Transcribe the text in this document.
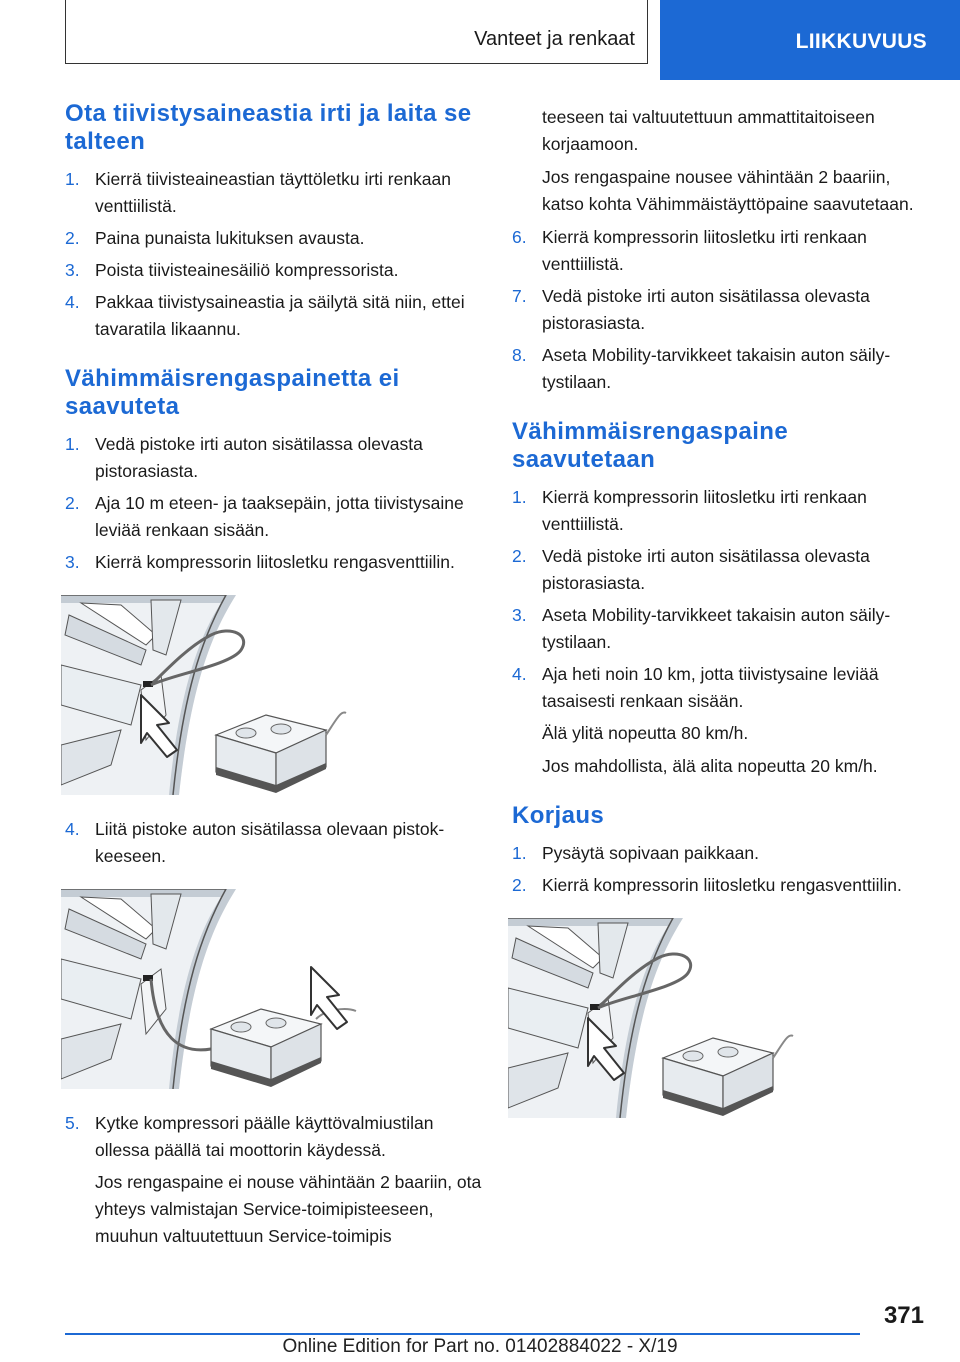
Vanteet ja renkaat	LIIKKUVUUS
Ota tiivistysaineastia irti ja laita se talteen
1. Kierrä tiivisteaineastian täyttöletku irti renkaan venttiilistä.
2. Paina punaista lukituksen avausta.
3. Poista tiivisteainesäiliö kompressorista.
4. Pakkaa tiivistysaineastia ja säilytä sitä niin, ettei tavaratila likaannu.
Vähimmäisrengaspainetta ei saavuteta
1. Vedä pistoke irti auton sisätilassa olevasta pistorasiasta.
2. Aja 10 m eteen- ja taaksepäin, jotta tiivistysaine leviää renkaan sisään.
3. Kierrä kompressorin liitosletku rengasventtiilin.
4. Liitä pistoke auton sisätilassa olevaan pistokkeeseen.
5. Kytke kompressori päälle käyttövalmiustilan ollessa päällä tai moottorin käydessä.
Jos rengaspaine ei nouse vähintään 2 baariin, ota yhteys valmistajan Service-toimipisteeseen, muuhun valtuutettuun Service-toimipis
teeseen tai valtuutettuun ammattitaitoiseen korjaamoon.
Jos rengaspaine nousee vähintään 2 baariin, katso kohta Vähimmäistäyttöpaine saavutetaan.
6. Kierrä kompressorin liitosletku irti renkaan venttiilistä.
7. Vedä pistoke irti auton sisätilassa olevasta pistorasiasta.
8. Aseta Mobility-tarvikkeet takaisin auton säilytystilaan.
Vähimmäisrengaspaine saavutetaan
1. Kierrä kompressorin liitosletku irti renkaan venttiilistä.
2. Vedä pistoke irti auton sisätilassa olevasta pistorasiasta.
3. Aseta Mobility-tarvikkeet takaisin auton säilytystilaan.
4. Aja heti noin 10 km, jotta tiivistysaine leviää tasaisesti renkaan sisään.
Älä ylitä nopeutta 80 km/h.
Jos mahdollista, älä alita nopeutta 20 km/h.
Korjaus
1. Pysäytä sopivaan paikkaan.
2. Kierrä kompressorin liitosletku rengasventtiilin.
371
Online Edition for Part no. 01402884022 - X/19
